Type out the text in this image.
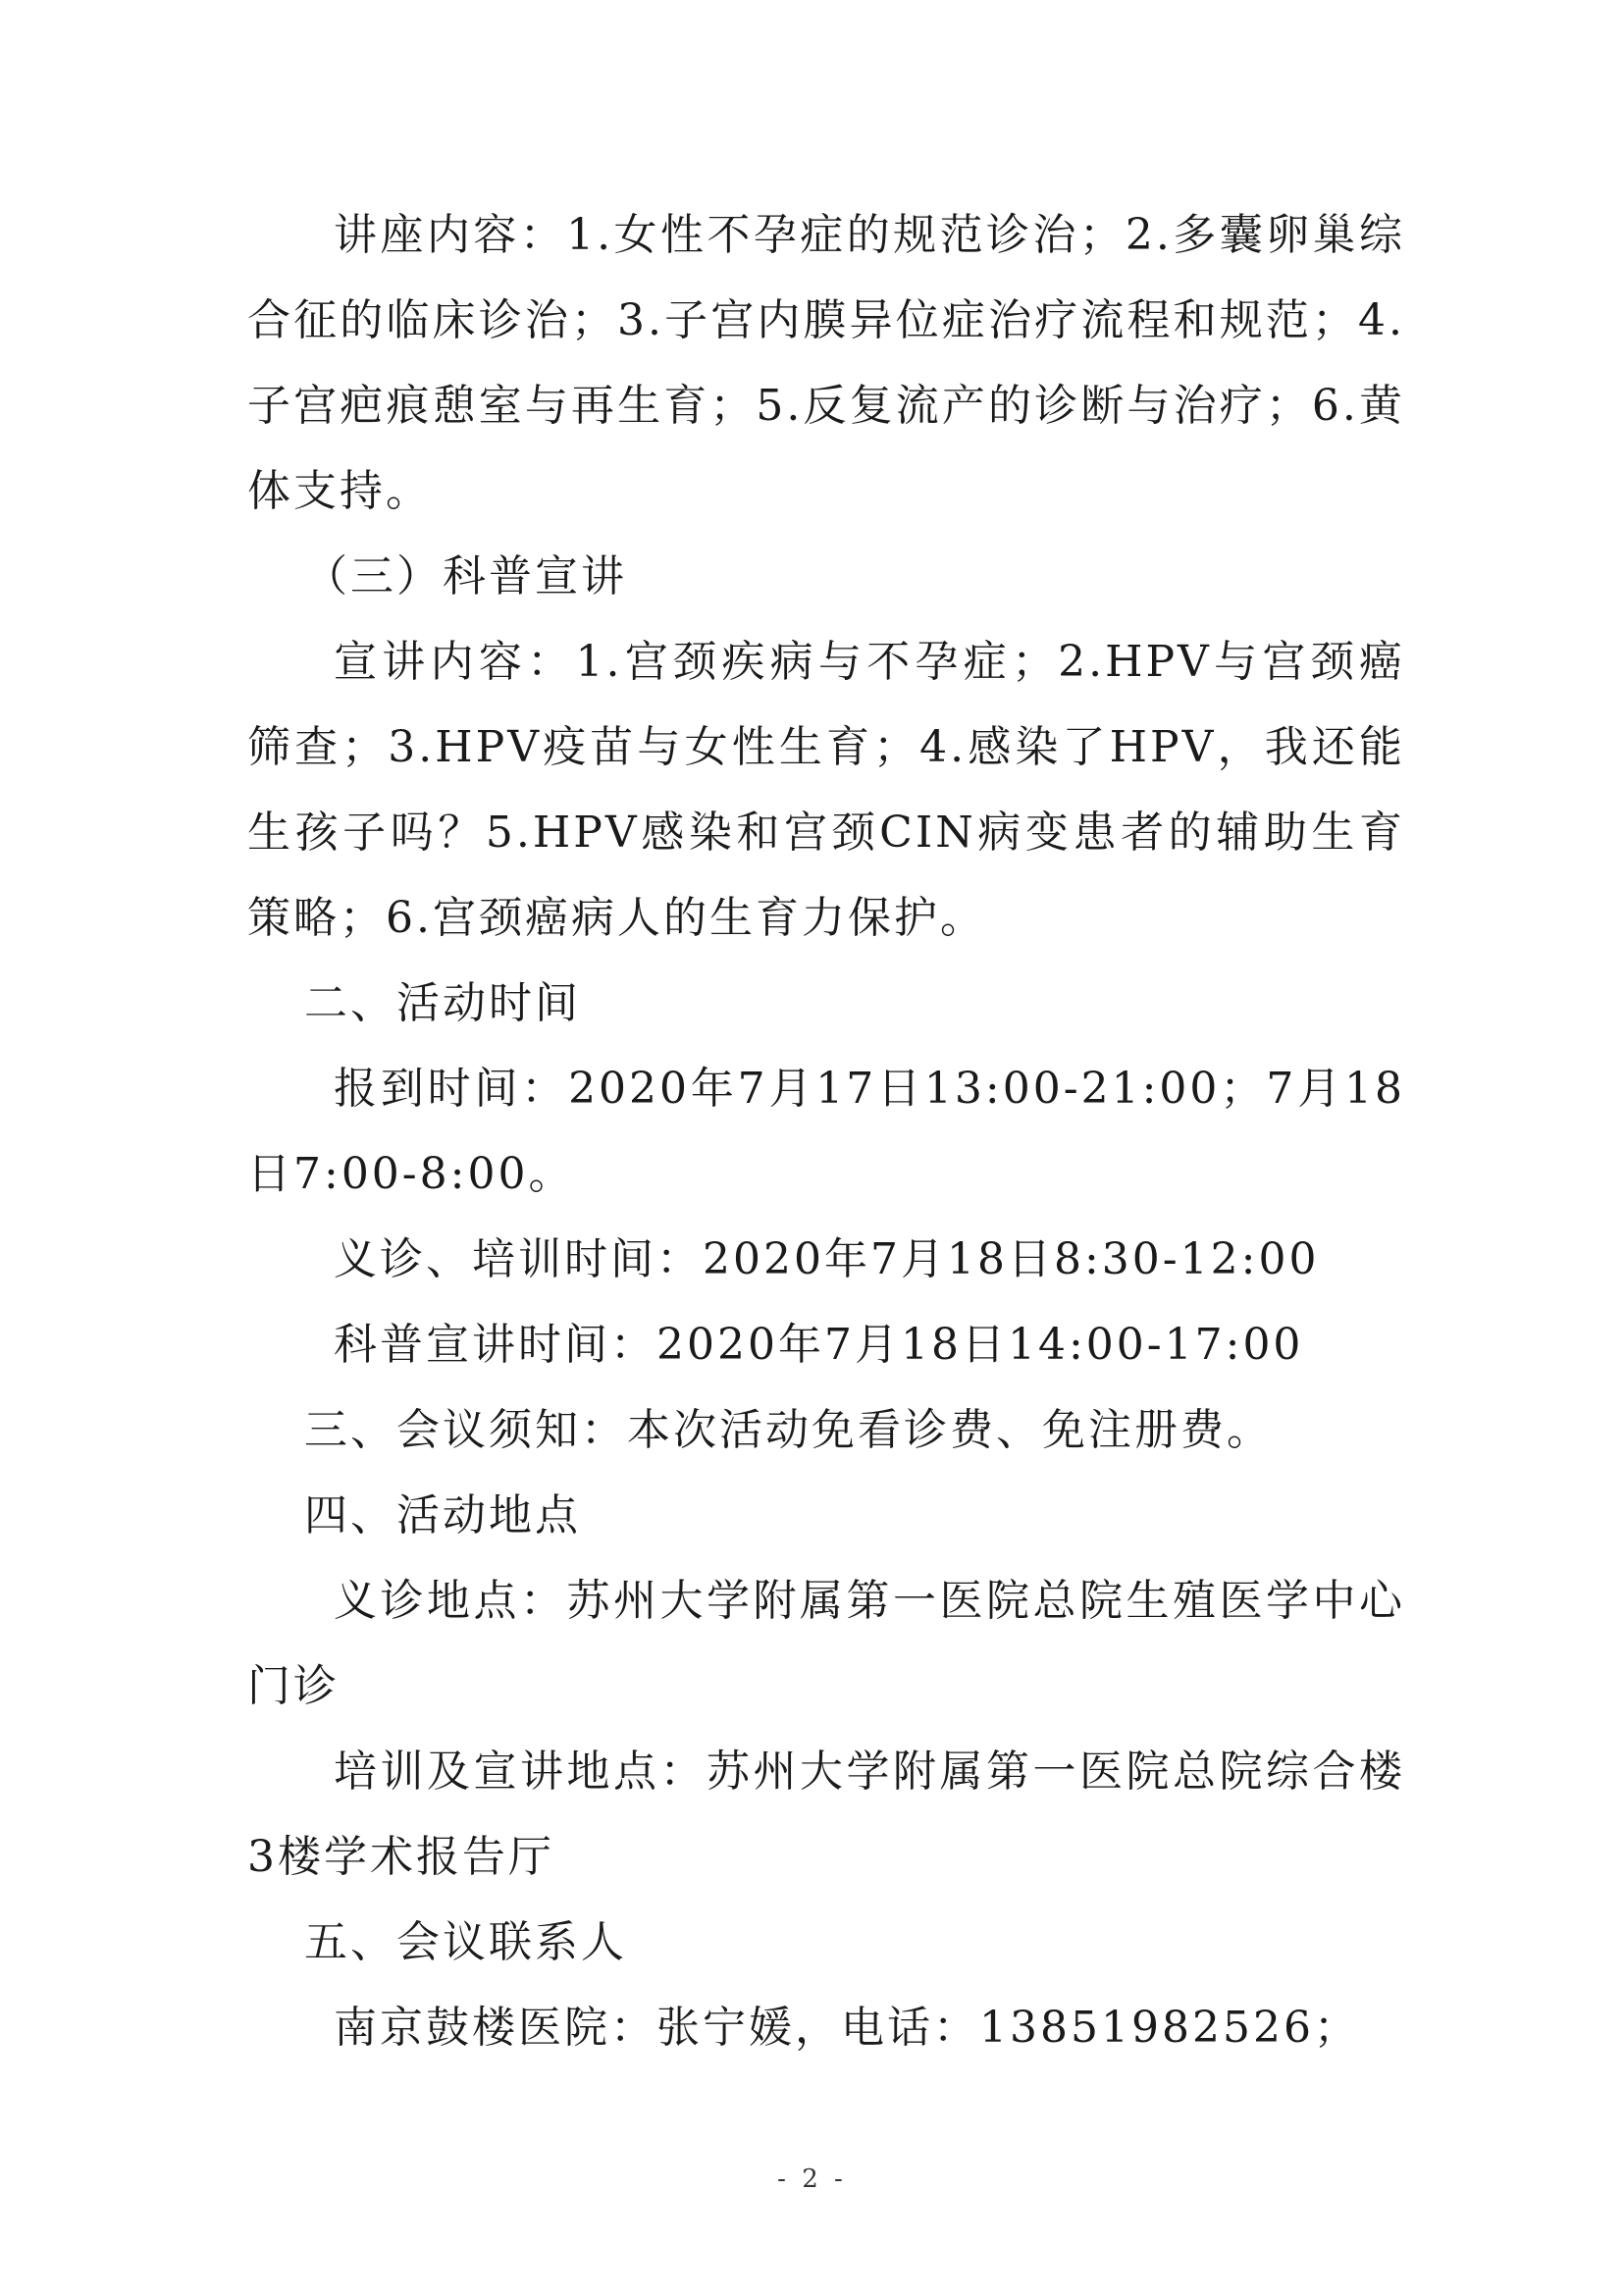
讲座内容：1.女性不孕症的规范诊治；2.多囊卵巢综合征的临床诊治；3.子宫内膜异位症治疗流程和规范；4.子宫疤痕憩室与再生育；5.反复流产的诊断与治疗；6.黄体支持。

（三）科普宣讲

宣讲内容：1.宫颈疾病与不孕症；2.HPV与宫颈癌筛查；3.HPV疫苗与女性生育；4.感染了HPV，我还能生孩子吗？5.HPV感染和宫颈CIN病变患者的辅助生育策略；6.宫颈癌病人的生育力保护。

二、活动时间

报到时间：2020年7月17日13:00-21:00；7月18日7:00-8:00。

义诊、培训时间：2020年7月18日8:30-12:00

科普宣讲时间：2020年7月18日14:00-17:00

三、会议须知：本次活动免看诊费、免注册费。

四、活动地点

义诊地点：苏州大学附属第一医院总院生殖医学中心门诊

培训及宣讲地点：苏州大学附属第一医院总院综合楼3楼学术报告厅

五、会议联系人

南京鼓楼医院：张宁媛，电话：13851982526；

- 2 -
